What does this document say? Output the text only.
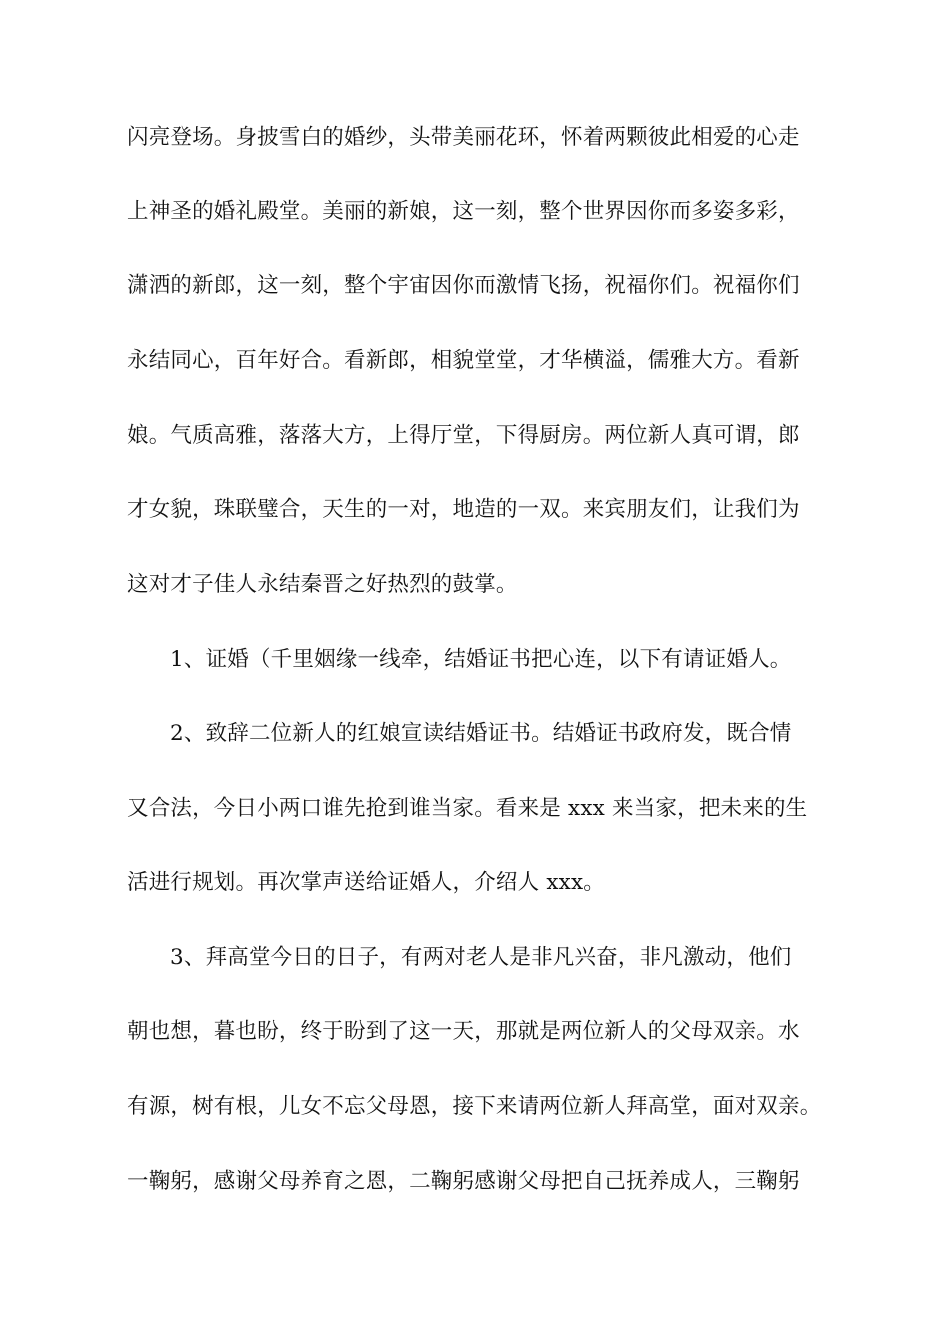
闪亮登场。身披雪白的婚纱，头带美丽花环，怀着两颗彼此相爱的心走
上神圣的婚礼殿堂。美丽的新娘，这一刻，整个世界因你而多姿多彩，
潇洒的新郎，这一刻，整个宇宙因你而激情飞扬，祝福你们。祝福你们
永结同心，百年好合。看新郎，相貌堂堂，才华横溢，儒雅大方。看新
娘。气质高雅，落落大方，上得厅堂，下得厨房。两位新人真可谓，郎
才女貌，珠联璧合，天生的一对，地造的一双。来宾朋友们，让我们为
这对才子佳人永结秦晋之好热烈的鼓掌。
1、证婚（千里姻缘一线牵，结婚证书把心连，以下有请证婚人。
2、致辞二位新人的红娘宣读结婚证书。结婚证书政府发，既合情
又合法，今日小两口谁先抢到谁当家。看来是 xxx 来当家，把未来的生
活进行规划。再次掌声送给证婚人，介绍人 xxx。
3、拜高堂今日的日子，有两对老人是非凡兴奋，非凡激动，他们
朝也想，暮也盼，终于盼到了这一天，那就是两位新人的父母双亲。水
有源，树有根，儿女不忘父母恩，接下来请两位新人拜高堂，面对双亲。
一鞠躬，感谢父母养育之恩，二鞠躬感谢父母把自己抚养成人，三鞠躬
